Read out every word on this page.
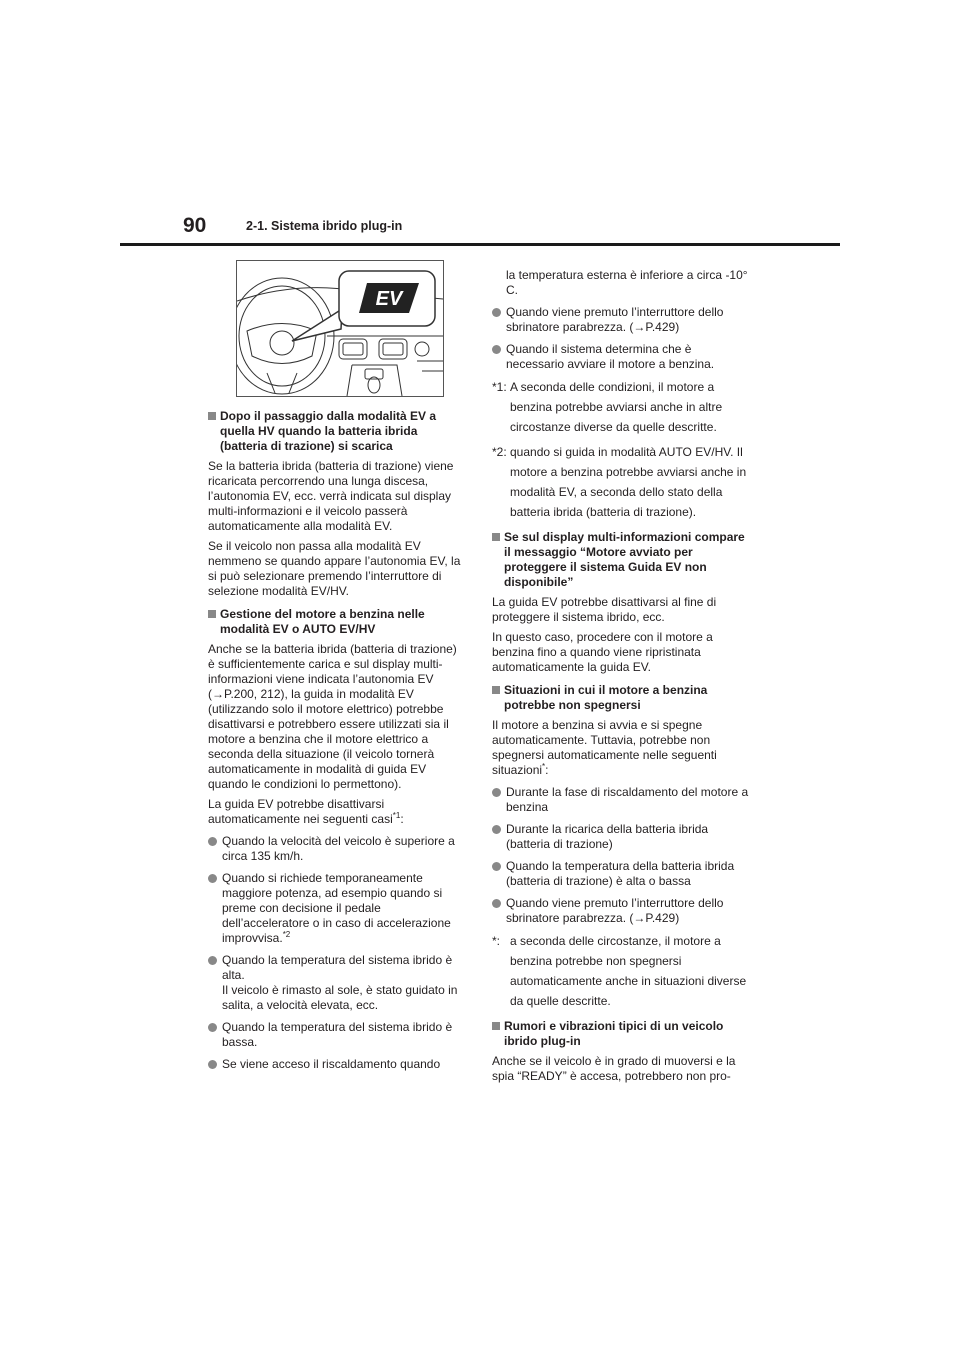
90	2-1. Sistema ibrido plug-in
EV
Dopo il passaggio dalla modalità EV a quella HV quando la batteria ibrida (batteria di trazione) si scarica

Se la batteria ibrida (batteria di trazione) viene ricaricata percorrendo una lunga discesa, l’autonomia EV, ecc. verrà indicata sul display multi-informazioni e il veicolo passerà automaticamente alla modalità EV.

Se il veicolo non passa alla modalità EV nemmeno se quando appare l’autonomia EV, la si può selezionare premendo l’interruttore di selezione modalità EV/HV.

Gestione del motore a benzina nelle modalità EV o AUTO EV/HV

Anche se la batteria ibrida (batteria di trazione) è sufficientemente carica e sul display multi-informazioni viene indicata l’autonomia EV (→P.200, 212), la guida in modalità EV (utilizzando solo il motore elettrico) potrebbe disattivarsi e potrebbero essere utilizzati sia il motore a benzina che il motore elettrico a seconda della situazione (il veicolo tornerà automaticamente in modalità di guida EV quando le condizioni lo permettono).

La guida EV potrebbe disattivarsi automaticamente nei seguenti casi$^{*1}$:

Quando la velocità del veicolo è superiore a circa 135 km/h.
Quando si richiede temporaneamente maggiore potenza, ad esempio quando si preme con decisione il pedale dell’acceleratore o in caso di accelerazione improvvisa.$^{*2}$
Quando la temperatura del sistema ibrido è alta.
Il veicolo è rimasto al sole, è stato guidato in salita, a velocità elevata, ecc.
Quando la temperatura del sistema ibrido è bassa.
Se viene acceso il riscaldamento quando
la temperatura esterna è inferiore a circa -10° C.
Quando viene premuto l’interruttore dello sbrinatore parabrezza. (→P.429)
Quando il sistema determina che è necessario avviare il motore a benzina.
*1: A seconda delle condizioni, il motore a benzina potrebbe avviarsi anche in altre circostanze diverse da quelle descritte.
*2: quando si guida in modalità AUTO EV/HV. Il motore a benzina potrebbe avviarsi anche in modalità EV, a seconda dello stato della batteria ibrida (batteria di trazione).
Se sul display multi-informazioni compare il messaggio “Motore avviato per proteggere il sistema Guida EV non disponibile”

La guida EV potrebbe disattivarsi al fine di proteggere il sistema ibrido, ecc.

In questo caso, procedere con il motore a benzina fino a quando viene ripristinata automaticamente la guida EV.

Situazioni in cui il motore a benzina potrebbe non spegnersi

Il motore a benzina si avvia e si spegne automaticamente. Tuttavia, potrebbe non spegnersi automaticamente nelle seguenti situazioni*:

Durante la fase di riscaldamento del motore a benzina
Durante la ricarica della batteria ibrida (batteria di trazione)
Quando la temperatura della batteria ibrida (batteria di trazione) è alta o bassa
Quando viene premuto l’interruttore dello sbrinatore parabrezza. (→P.429)
*: a seconda delle circostanze, il motore a benzina potrebbe non spegnersi automaticamente anche in situazioni diverse da quelle descritte.
Rumori e vibrazioni tipici di un veicolo ibrido plug-in

Anche se il veicolo è in grado di muoversi e la spia “READY” è accesa, potrebbero non pro-
